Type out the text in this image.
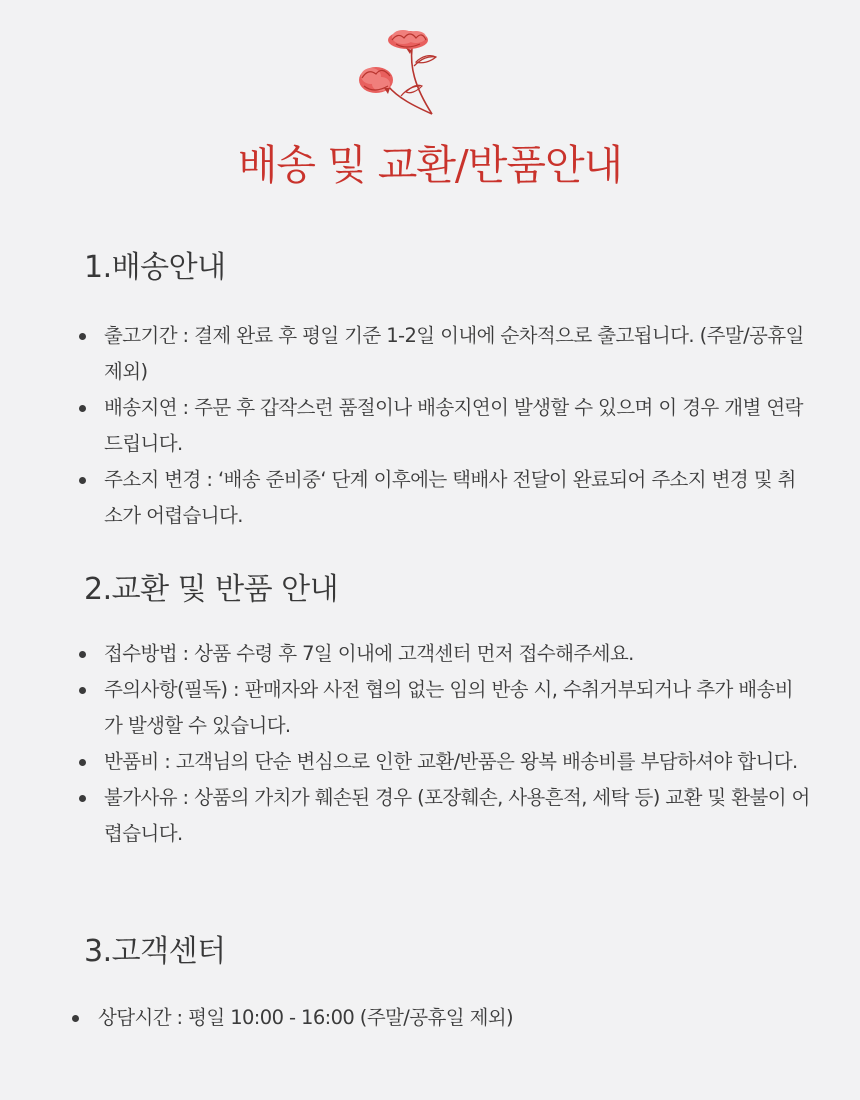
배송 및 교환/반품안내
1.배송안내
출고기간 : 결제 완료 후 평일 기준 1-2일 이내에 순차적으로 출고됩니다. (주말/공휴일 제외)
배송지연 : 주문 후 갑작스런 품절이나 배송지연이 발생할 수 있으며 이 경우 개별 연락 드립니다.
주소지 변경 : ‘배송 준비중‘ 단계 이후에는 택배사 전달이 완료되어 주소지 변경 및 취소가 어렵습니다.
2.교환 및 반품 안내
접수방법 : 상품 수령 후 7일 이내에 고객센터 먼저 접수해주세요.
주의사항(필독) : 판매자와 사전 협의 없는 임의 반송 시, 수취거부되거나 추가 배송비가 발생할 수 있습니다.
반품비 : 고객님의 단순 변심으로 인한 교환/반품은 왕복 배송비를 부담하셔야 합니다.
불가사유 : 상품의 가치가 훼손된 경우 (포장훼손, 사용흔적, 세탁 등) 교환 및 환불이 어렵습니다.
3.고객센터
상담시간 : 평일 10:00 - 16:00 (주말/공휴일 제외)
